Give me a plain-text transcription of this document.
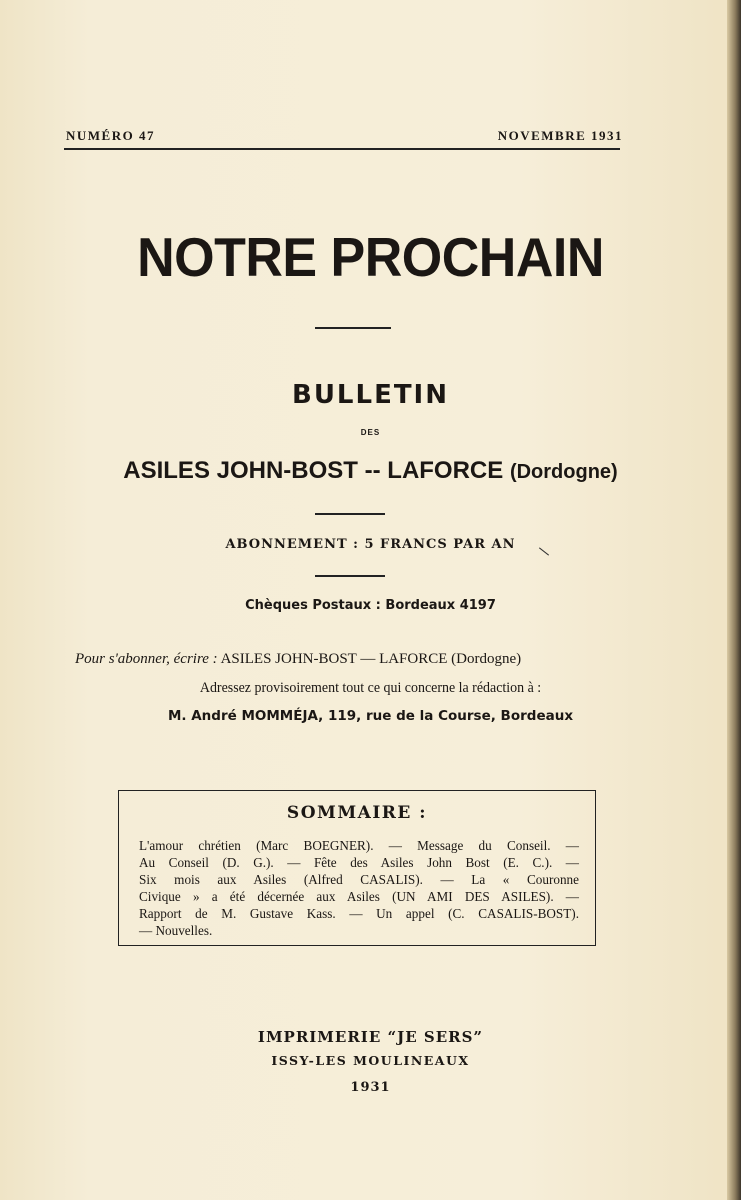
NUMÉRO 47	NOVEMBRE 1931
NOTRE PROCHAIN
BULLETIN
DES
ASILES JOHN-BOST -- LAFORCE (Dordogne)
ABONNEMENT : 5 FRANCS PAR AN
Chèques Postaux : Bordeaux 4197
Pour s'abonner, écrire : ASILES JOHN-BOST — LAFORCE (Dordogne)
Adressez provisoirement tout ce qui concerne la rédaction à :
M. André MOMMÉJA, 119, rue de la Course, Bordeaux
SOMMAIRE :
L'amour chrétien (Marc BOEGNER). — Message du Conseil. —
Au Conseil (D. G.). — Fête des Asiles John Bost (E. C.). —
Six mois aux Asiles (Alfred CASALIS). — La « Couronne
Civique » a été décernée aux Asiles (UN AMI DES ASILES). —
Rapport de M. Gustave Kass. — Un appel (C. CASALIS-BOST).
— Nouvelles.
IMPRIMERIE “JE SERS”
ISSY-LES MOULINEAUX
1931
